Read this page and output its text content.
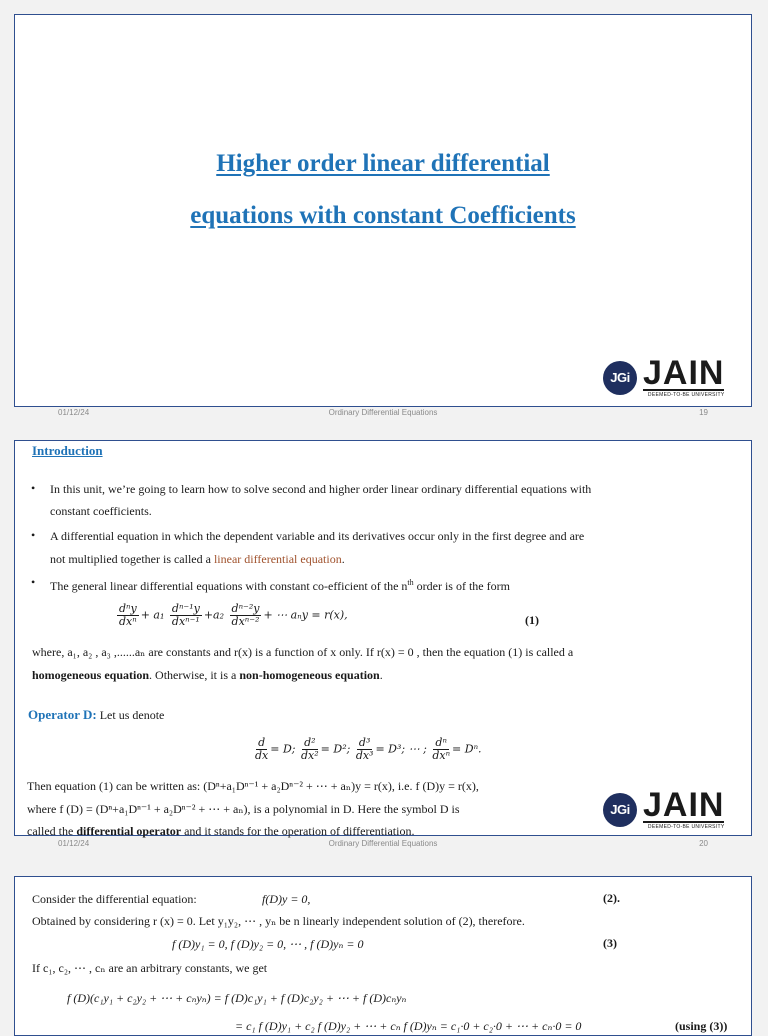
Higher order linear differential
equations with constant Coefficients
JGi JAIN
DEEMED-TO-BE UNIVERSITY
01/12/24	Ordinary Differential Equations	19
Introduction
• In this unit, we’re going to learn how to solve second and higher order linear ordinary differential equations with
constant coefficients.
• A differential equation in which the dependent variable and its derivatives occur only in the first degree and are
not multiplied together is called a linear differential equation.
• The general linear differential equations with constant co-efficient of the $n^{th}$ order is of the form
$\frac{\text{dⁿy}}{\text{dxⁿ}} + a_1 \frac{\text{dⁿ⁻¹y}}{\text{dxⁿ⁻¹}} +a_2 \frac{\text{dⁿ⁻²y}}{\text{dxⁿ⁻²}}$ + ⋯ aₙy = r(x),	(1)
where, a₁, a₂ , a₃ ,......aₙ are constants and r(x) is a function of x only. If r(x) = 0 , then the equation (1) is called a
homogeneous equation. Otherwise, it is a non-homogeneous equation.
Operator D: Let us denote
$\frac{d}{dx} = D$; $\frac{\text{d²}}{\text{dx²}} = D^2$; $\frac{\text{d³}}{\text{dx³}} = D^3$; ⋯ ; $\frac{\text{dⁿ}}{\text{dxⁿ}} = D^n$.
Then equation (1) can be written as: (Dⁿ+a₁Dⁿ⁻¹ + a₂Dⁿ⁻² + ⋯ + aₙ)y = r(x), i.e. f (D)y = r(x),
where f (D) = (Dⁿ+a₁Dⁿ⁻¹ + a₂Dⁿ⁻² + ⋯ + aₙ), is a polynomial in D. Here the symbol D is
called the differential operator and it stands for the operation of differentiation.
JGi JAIN
DEEMED-TO-BE UNIVERSITY
01/12/24	Ordinary Differential Equations	20
Consider the differential equation:	f(D)y = 0,	(2).
Obtained by considering r (x) = 0. Let y₁y₂, ⋯ , yₙ be n linearly independent solution of (2), therefore.
f (D)y₁ = 0, f (D)y₂ = 0, ⋯ , f (D)yₙ = 0	(3)
If c₁, c₂, ⋯ , cₙ are an arbitrary constants, we get
f (D)(c₁y₁ + c₂y₂ + ⋯ + cₙyₙ) = f (D)c₁y₁ + f (D)c₂y₂ + ⋯ + f (D)cₙyₙ
= c₁ f (D)y₁ + c₂ f (D)y₂ + ⋯ + cₙ f (D)yₙ = c₁·0 + c₂·0 + ⋯ + cₙ·0 = 0	(using (3))
